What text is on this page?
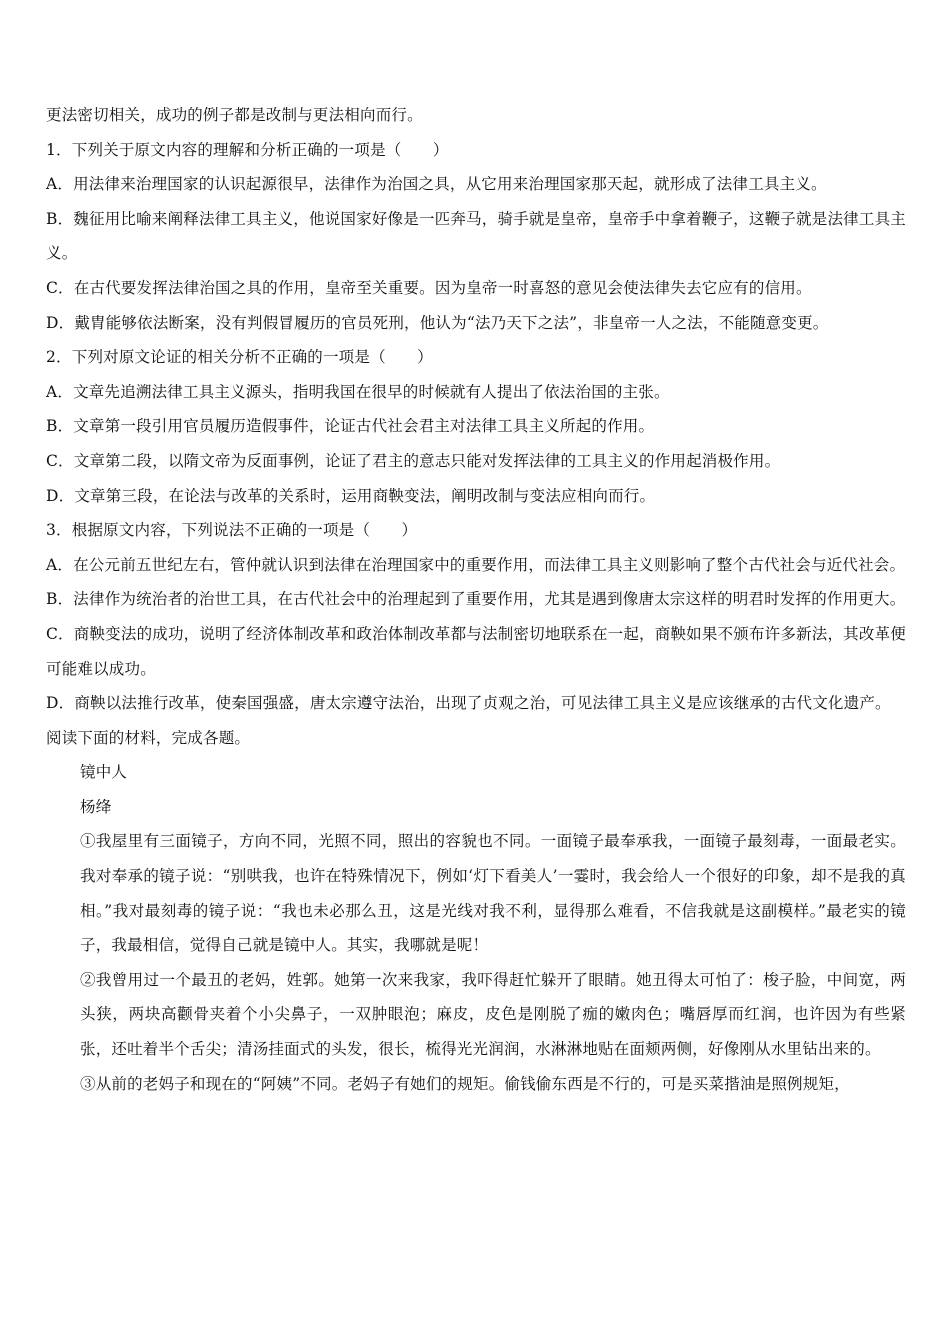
更法密切相关，成功的例子都是改制与更法相向而行。
1．下列关于原文内容的理解和分析正确的一项是（　　）
A．用法律来治理国家的认识起源很早，法律作为治国之具，从它用来治理国家那天起，就形成了法律工具主义。
B．魏征用比喻来阐释法律工具主义，他说国家好像是一匹奔马，骑手就是皇帝，皇帝手中拿着鞭子，这鞭子就是法律工具主义。
C．在古代要发挥法律治国之具的作用，皇帝至关重要。因为皇帝一时喜怒的意见会使法律失去它应有的信用。
D．戴胄能够依法断案，没有判假冒履历的官员死刑，他认为“法乃天下之法”，非皇帝一人之法，不能随意变更。
2．下列对原文论证的相关分析不正确的一项是（　　）
A．文章先追溯法律工具主义源头，指明我国在很早的时候就有人提出了依法治国的主张。
B．文章第一段引用官员履历造假事件，论证古代社会君主对法律工具主义所起的作用。
C．文章第二段，以隋文帝为反面事例，论证了君主的意志只能对发挥法律的工具主义的作用起消极作用。
D．文章第三段，在论法与改革的关系时，运用商鞅变法，阐明改制与变法应相向而行。
3．根据原文内容，下列说法不正确的一项是（　　）
A．在公元前五世纪左右，管仲就认识到法律在治理国家中的重要作用，而法律工具主义则影响了整个古代社会与近代社会。
B．法律作为统治者的治世工具，在古代社会中的治理起到了重要作用，尤其是遇到像唐太宗这样的明君时发挥的作用更大。
C．商鞅变法的成功，说明了经济体制改革和政治体制改革都与法制密切地联系在一起，商鞅如果不颁布许多新法，其改革便可能难以成功。
D．商鞅以法推行改革，使秦国强盛，唐太宗遵守法治，出现了贞观之治，可见法律工具主义是应该继承的古代文化遗产。
阅读下面的材料，完成各题。
镜中人
杨绛
①我屋里有三面镜子，方向不同，光照不同，照出的容貌也不同。一面镜子最奉承我，一面镜子最刻毒，一面最老实。我对奉承的镜子说：“别哄我，也许在特殊情况下，例如‘灯下看美人’一霎时，我会给人一个很好的印象，却不是我的真相。”我对最刻毒的镜子说：“我也未必那么丑，这是光线对我不利，显得那么难看，不信我就是这副模样。”最老实的镜子，我最相信，觉得自己就是镜中人。其实，我哪就是呢！
②我曾用过一个最丑的老妈，姓郭。她第一次来我家，我吓得赶忙躲开了眼睛。她丑得太可怕了：梭子脸，中间宽，两头狭，两块高颧骨夹着个小尖鼻子，一双肿眼泡；麻皮，皮色是刚脱了痂的嫩肉色；嘴唇厚而红润，也许因为有些紧张，还吐着半个舌尖；清汤挂面式的头发，很长，梳得光光润润，水淋淋地贴在面颊两侧，好像刚从水里钻出来的。
③从前的老妈子和现在的“阿姨”不同。老妈子有她们的规矩。偷钱偷东西是不行的，可是买菜揩油是照例规矩，
